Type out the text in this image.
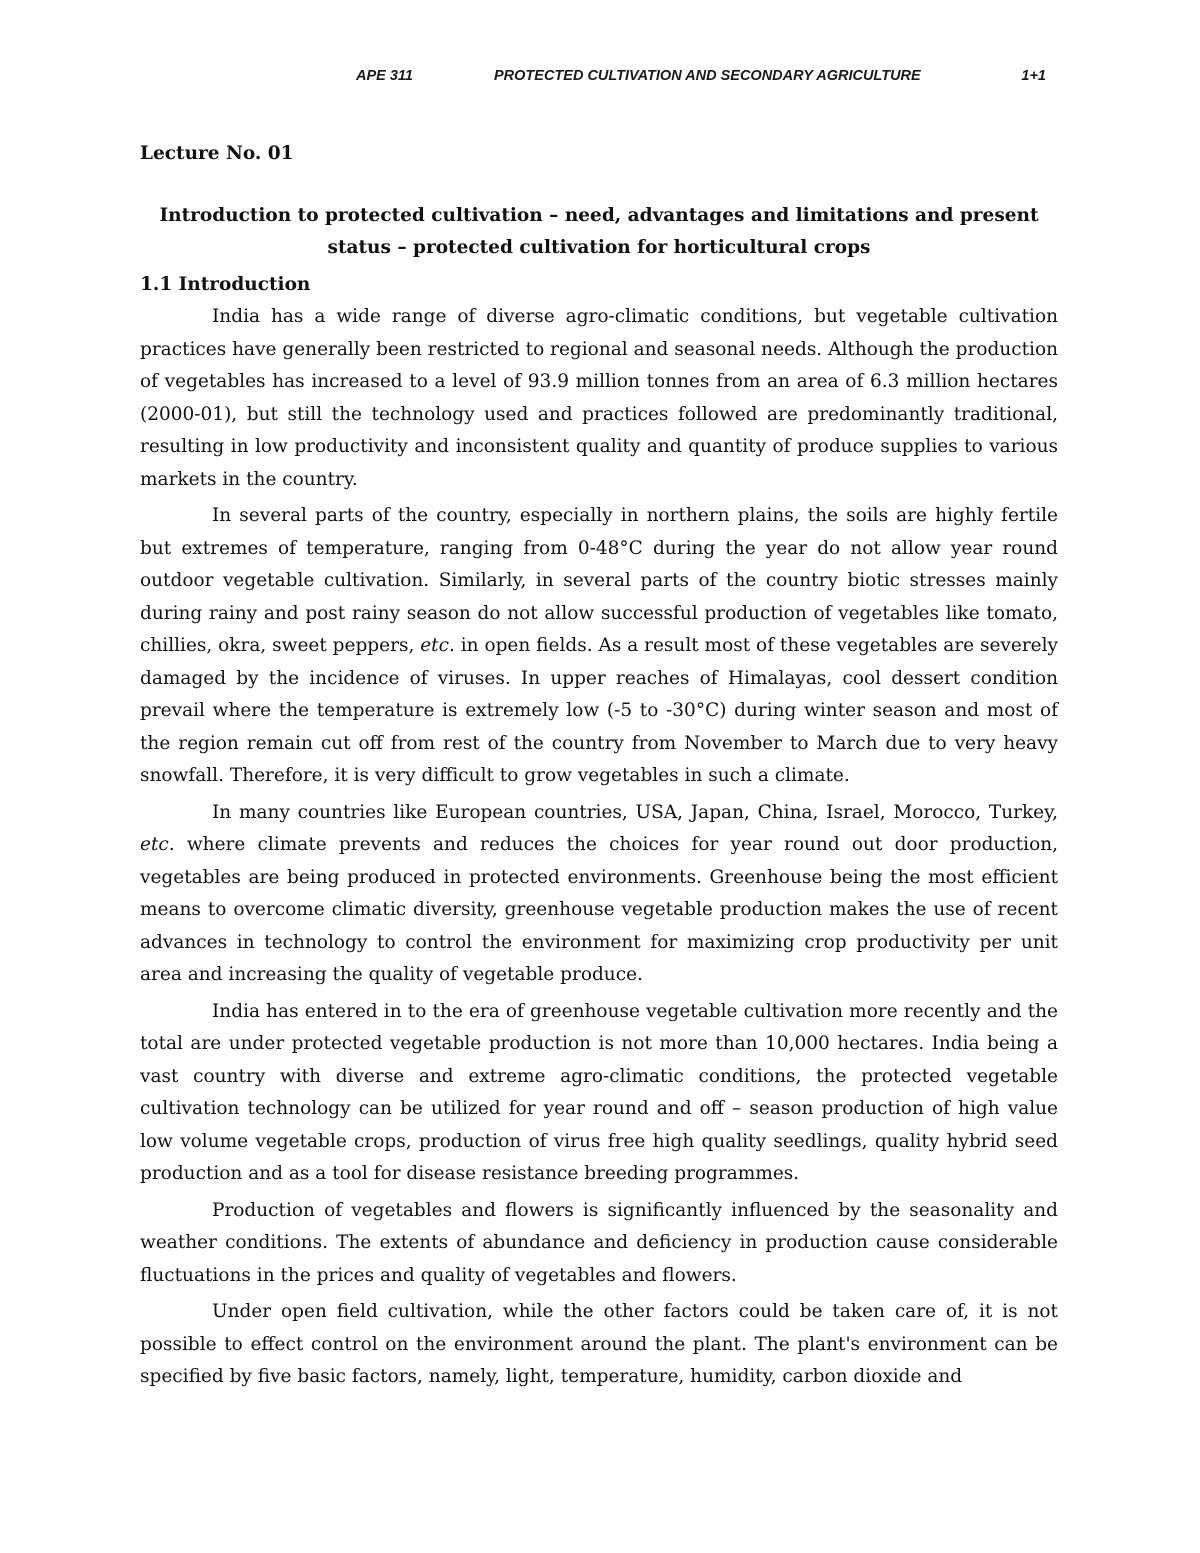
APE 311	PROTECTED CULTIVATION AND SECONDARY AGRICULTURE	1+1

Lecture No. 01

Introduction to protected cultivation – need, advantages and limitations and present status – protected cultivation for horticultural crops

1.1 Introduction

India has a wide range of diverse agro-climatic conditions, but vegetable cultivation practices have generally been restricted to regional and seasonal needs. Although the production of vegetables has increased to a level of 93.9 million tonnes from an area of 6.3 million hectares (2000-01), but still the technology used and practices followed are predominantly traditional, resulting in low productivity and inconsistent quality and quantity of produce supplies to various markets in the country.

In several parts of the country, especially in northern plains, the soils are highly fertile but extremes of temperature, ranging from 0-48°C during the year do not allow year round outdoor vegetable cultivation. Similarly, in several parts of the country biotic stresses mainly during rainy and post rainy season do not allow successful production of vegetables like tomato, chillies, okra, sweet peppers, etc. in open fields. As a result most of these vegetables are severely damaged by the incidence of viruses. In upper reaches of Himalayas, cool dessert condition prevail where the temperature is extremely low (-5 to -30°C) during winter season and most of the region remain cut off from rest of the country from November to March due to very heavy snowfall. Therefore, it is very difficult to grow vegetables in such a climate.

In many countries like European countries, USA, Japan, China, Israel, Morocco, Turkey, etc. where climate prevents and reduces the choices for year round out door production, vegetables are being produced in protected environments. Greenhouse being the most efficient means to overcome climatic diversity, greenhouse vegetable production makes the use of recent advances in technology to control the environment for maximizing crop productivity per unit area and increasing the quality of vegetable produce.

India has entered in to the era of greenhouse vegetable cultivation more recently and the total are under protected vegetable production is not more than 10,000 hectares. India being a vast country with diverse and extreme agro-climatic conditions, the protected vegetable cultivation technology can be utilized for year round and off – season production of high value low volume vegetable crops, production of virus free high quality seedlings, quality hybrid seed production and as a tool for disease resistance breeding programmes.

Production of vegetables and flowers is significantly influenced by the seasonality and weather conditions. The extents of abundance and deficiency in production cause considerable fluctuations in the prices and quality of vegetables and flowers.

Under open field cultivation, while the other factors could be taken care of, it is not possible to effect control on the environment around the plant. The plant's environment can be specified by five basic factors, namely, light, temperature, humidity, carbon dioxide and
